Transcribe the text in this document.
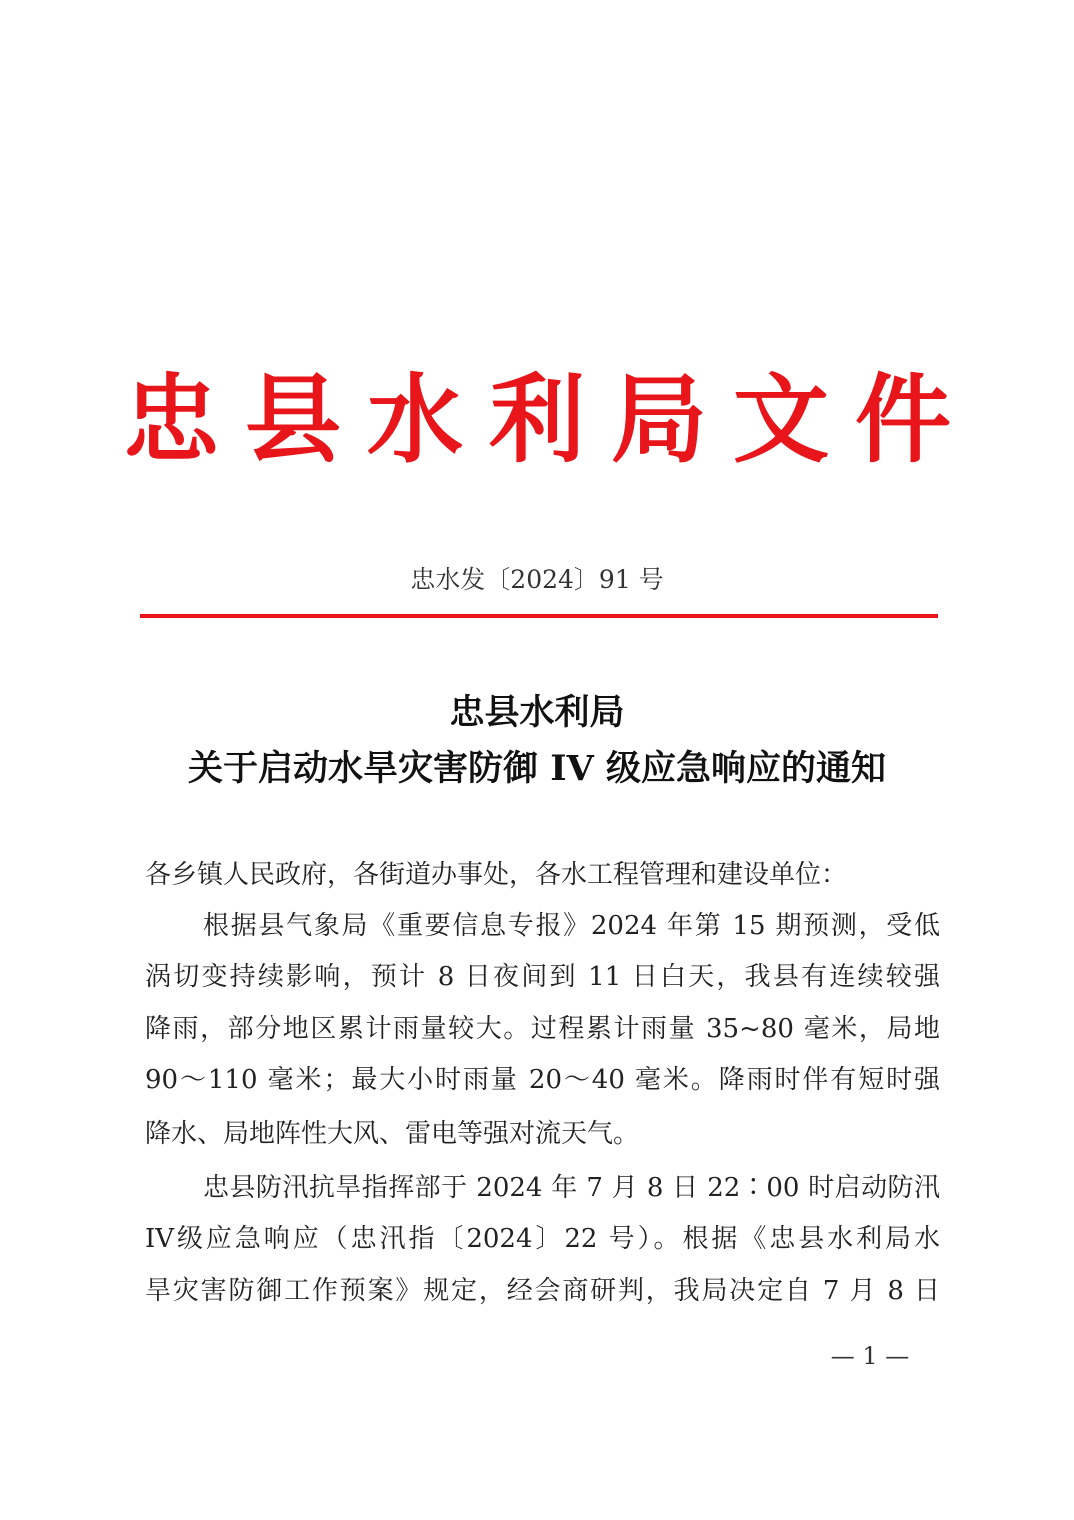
忠县水利局文件
忠水发〔2024〕91 号
忠县水利局
关于启动水旱灾害防御 IV 级应急响应的通知
各乡镇人民政府，各街道办事处，各水工程管理和建设单位：
根据县气象局《重要信息专报》2024 年第 15 期预测，受低
涡切变持续影响，预计 8 日夜间到 11 日白天，我县有连续较强
降雨，部分地区累计雨量较大。过程累计雨量 35~80 毫米，局地
90～110 毫米；最大小时雨量 20～40 毫米。降雨时伴有短时强
降水、局地阵性大风、雷电等强对流天气。
忠县防汛抗旱指挥部于 2024 年 7 月 8 日 22∶00 时启动防汛
IV级应急响应（忠汛指〔2024〕22 号）。根据《忠县水利局水
旱灾害防御工作预案》规定，经会商研判，我局决定自 7 月 8 日
— 1 —
